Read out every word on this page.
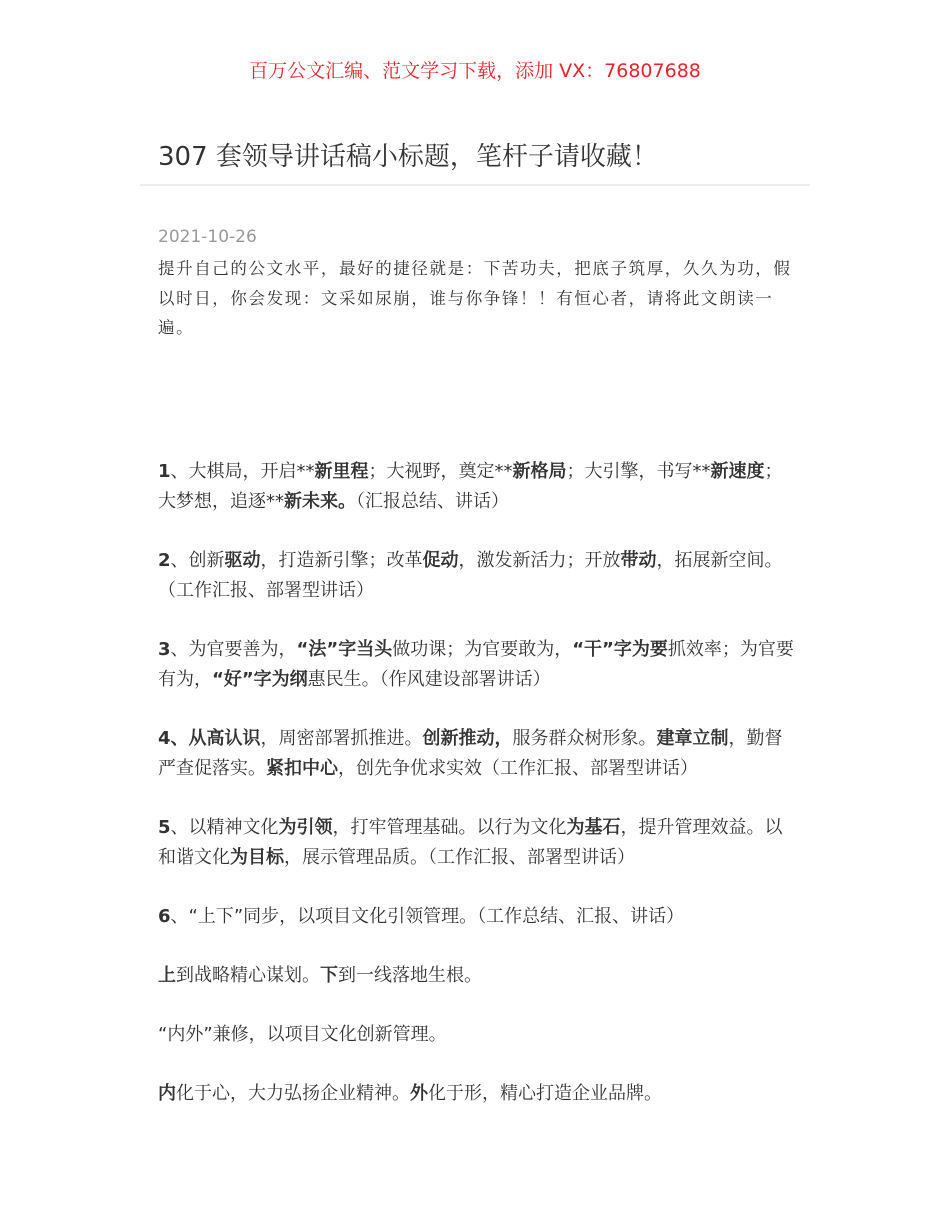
百万公文汇编、范文学习下载，添加 VX：76807688
307 套领导讲话稿小标题，笔杆子请收藏！
2021-10-26
提升自己的公文水平，最好的捷径就是：下苦功夫，把底子筑厚，久久为功，假以时日，你会发现：文采如尿崩，谁与你争锋！！有恒心者，请将此文朗读一遍。

1、大棋局，开启**新里程；大视野，奠定**新格局；大引擎，书写**新速度；大梦想，追逐**新未来。（汇报总结、讲话）

2、创新驱动，打造新引擎；改革促动，激发新活力；开放带动，拓展新空间。（工作汇报、部署型讲话）

3、为官要善为，“法”字当头做功课；为官要敢为，“干”字为要抓效率；为官要有为，“好”字为纲惠民生。（作风建设部署讲话）

4、从高认识，周密部署抓推进。创新推动，服务群众树形象。建章立制，勤督严查促落实。紧扣中心，创先争优求实效（工作汇报、部署型讲话）

5、以精神文化为引领，打牢管理基础。以行为文化为基石，提升管理效益。以和谐文化为目标，展示管理品质。（工作汇报、部署型讲话）

6、“上下”同步，以项目文化引领管理。（工作总结、汇报、讲话）

上到战略精心谋划。下到一线落地生根。

“内外”兼修，以项目文化创新管理。

内化于心，大力弘扬企业精神。外化于形，精心打造企业品牌。
